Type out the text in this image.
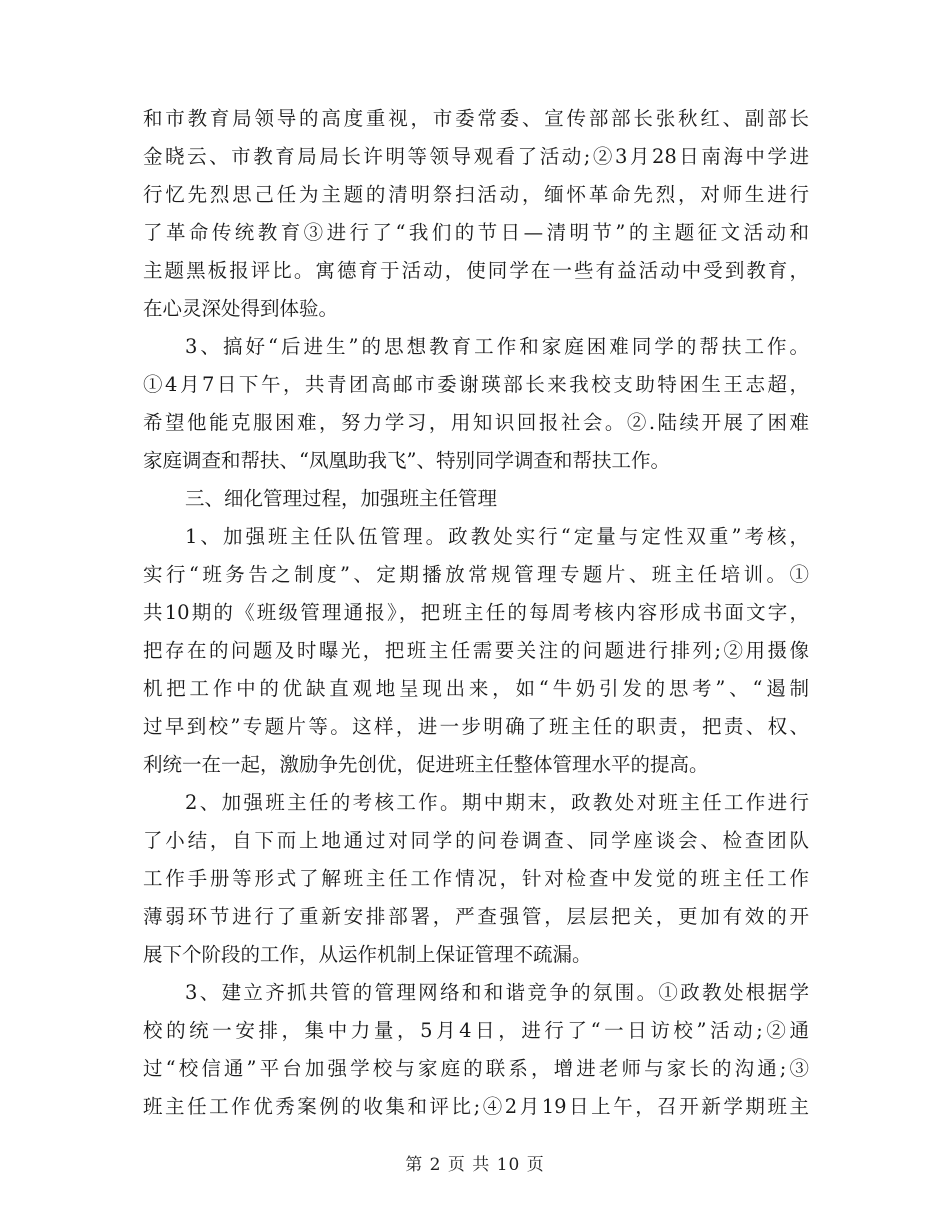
和市教育局领导的高度重视，市委常委、宣传部部长张秋红、副部长
金晓云、市教育局局长许明等领导观看了活动;②3月28日南海中学进
行忆先烈思己任为主题的清明祭扫活动，缅怀革命先烈，对师生进行
了革命传统教育③进行了“我们的节日—清明节”的主题征文活动和
主题黑板报评比。寓德育于活动，使同学在一些有益活动中受到教育，
在心灵深处得到体验。
3、搞好“后进生”的思想教育工作和家庭困难同学的帮扶工作。
①4月7日下午，共青团高邮市委谢瑛部长来我校支助特困生王志超，
希望他能克服困难，努力学习，用知识回报社会。②.陆续开展了困难
家庭调查和帮扶、“凤凰助我飞”、特别同学调查和帮扶工作。
三、细化管理过程，加强班主任管理
1、加强班主任队伍管理。政教处实行“定量与定性双重”考核，
实行“班务告之制度”、定期播放常规管理专题片、班主任培训。①
共10期的《班级管理通报》，把班主任的每周考核内容形成书面文字，
把存在的问题及时曝光，把班主任需要关注的问题进行排列;②用摄像
机把工作中的优缺直观地呈现出来，如“牛奶引发的思考”、“遏制
过早到校”专题片等。这样，进一步明确了班主任的职责，把责、权、
利统一在一起，激励争先创优，促进班主任整体管理水平的提高。
2、加强班主任的考核工作。期中期末，政教处对班主任工作进行
了小结，自下而上地通过对同学的问卷调查、同学座谈会、检查团队
工作手册等形式了解班主任工作情况，针对检查中发觉的班主任工作
薄弱环节进行了重新安排部署，严查强管，层层把关，更加有效的开
展下个阶段的工作，从运作机制上保证管理不疏漏。
3、建立齐抓共管的管理网络和和谐竞争的氛围。①政教处根据学
校的统一安排，集中力量，5月4日，进行了“一日访校”活动;②通
过“校信通”平台加强学校与家庭的联系，增进老师与家长的沟通;③
班主任工作优秀案例的收集和评比;④2月19日上午，召开新学期班主
第 2 页 共 10 页
